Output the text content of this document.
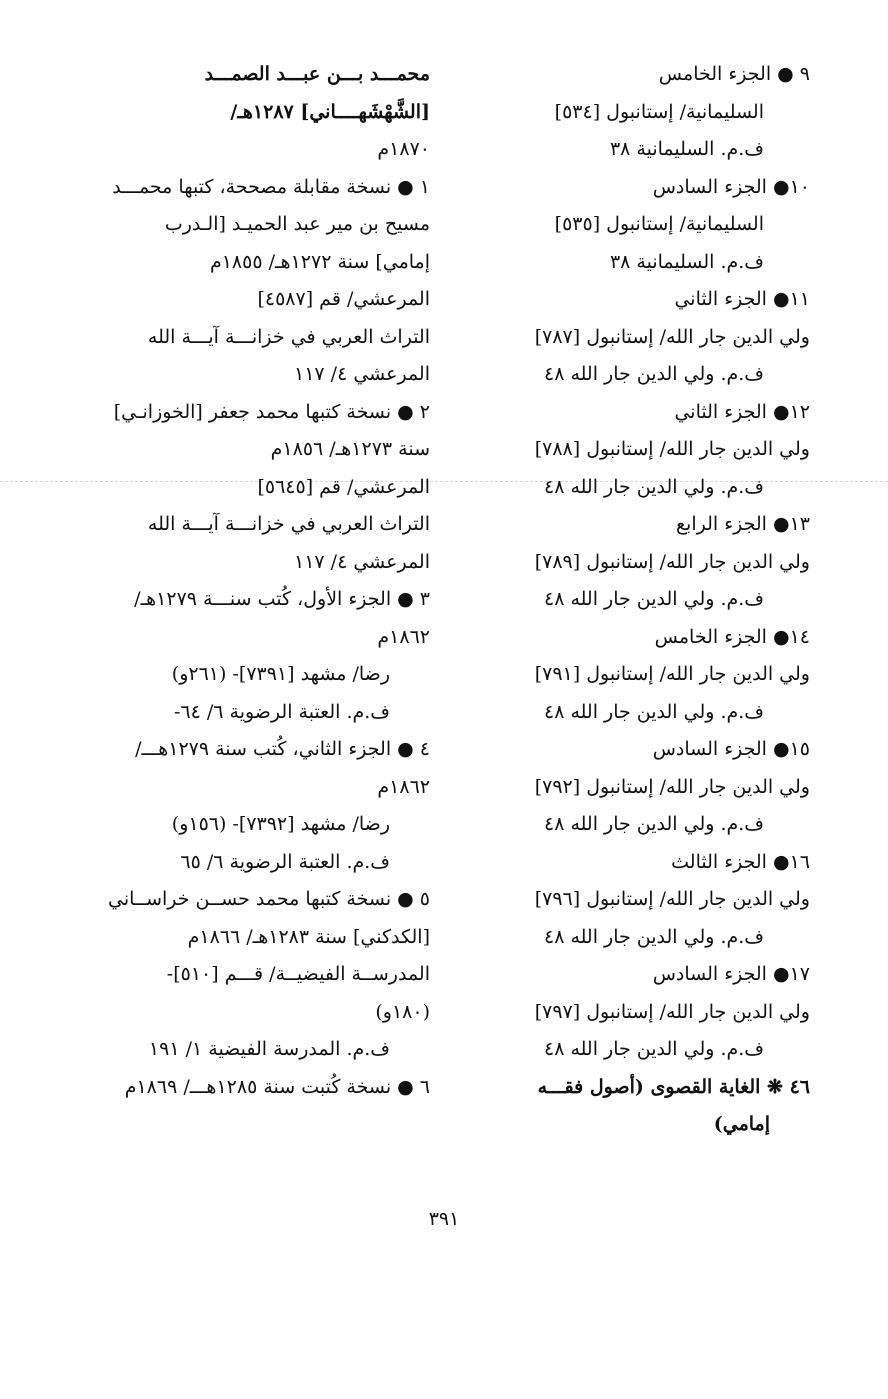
٩ ● الجزء الخامس
السليمانية/ إستانبول [٥٣٤]
ف.م. السليمانية ٣٨
١٠● الجزء السادس
السليمانية/ إستانبول [٥٣٥]
ف.م. السليمانية ٣٨
١١● الجزء الثاني
ولي الدين جار الله/ إستانبول [٧٨٧]
ف.م. ولي الدين جار الله ٤٨
١٢● الجزء الثاني
ولي الدين جار الله/ إستانبول [٧٨٨]
ف.م. ولي الدين جار الله ٤٨
١٣● الجزء الرابع
ولي الدين جار الله/ إستانبول [٧٨٩]
ف.م. ولي الدين جار الله ٤٨
١٤● الجزء الخامس
ولي الدين جار الله/ إستانبول [٧٩١]
ف.م. ولي الدين جار الله ٤٨
١٥● الجزء السادس
ولي الدين جار الله/ إستانبول [٧٩٢]
ف.م. ولي الدين جار الله ٤٨
١٦● الجزء الثالث
ولي الدين جار الله/ إستانبول [٧٩٦]
ف.م. ولي الدين جار الله ٤٨
١٧● الجزء السادس
ولي الدين جار الله/ إستانبول [٧٩٧]
ف.م. ولي الدين جار الله ٤٨
٤٦ ❋ الغاية القصوى (أصول فقـــه
إمامي)
محمـــد بـــن عبـــد الصمـــد
[الشَّهْشَهــــاني] ١٢٨٧هـ/
١٨٧٠م
١ ● نسخة مقابلة مصححة، كتبها محمـــد
مسيح بن مير عبد الحميـد [الـدرب
إمامي] سنة ١٢٧٢هـ/ ١٨٥٥م
المرعشي/ قم [٤٥٨٧]
التراث العربي في خزانـــة آيـــة الله
المرعشي ٤/ ١١٧
٢ ● نسخة كتبها محمد جعفر [الخوزانـي]
سنة ١٢٧٣هـ/ ١٨٥٦م
المرعشي/ قم [٥٦٤٥]
التراث العربي في خزانـــة آيـــة الله
المرعشي ٤/ ١١٧
٣ ● الجزء الأول، كُتب سنـــة ١٢٧٩هـ/
١٨٦٢م
رضا/ مشهد [٧٣٩١]- (٢٦١و)
ف.م. العتبة الرضوية ٦/ ٦٤-
٤ ● الجزء الثاني، كُتب سنة ١٢٧٩هـــ/
١٨٦٢م
رضا/ مشهد [٧٣٩٢]- (١٥٦و)
ف.م. العتبة الرضوية ٦/ ٦٥
٥ ● نسخة كتبها محمد حســن خراســاني
[الكدكني] سنة ١٢٨٣هـ/ ١٨٦٦م
المدرســة الفيضيــة/ قـــم [٥١٠]-
(١٨٠و)
ف.م. المدرسة الفيضية ١/ ١٩١
٦ ● نسخة كُتبت سنة ١٢٨٥هـــ/ ١٨٦٩م
٣٩١
